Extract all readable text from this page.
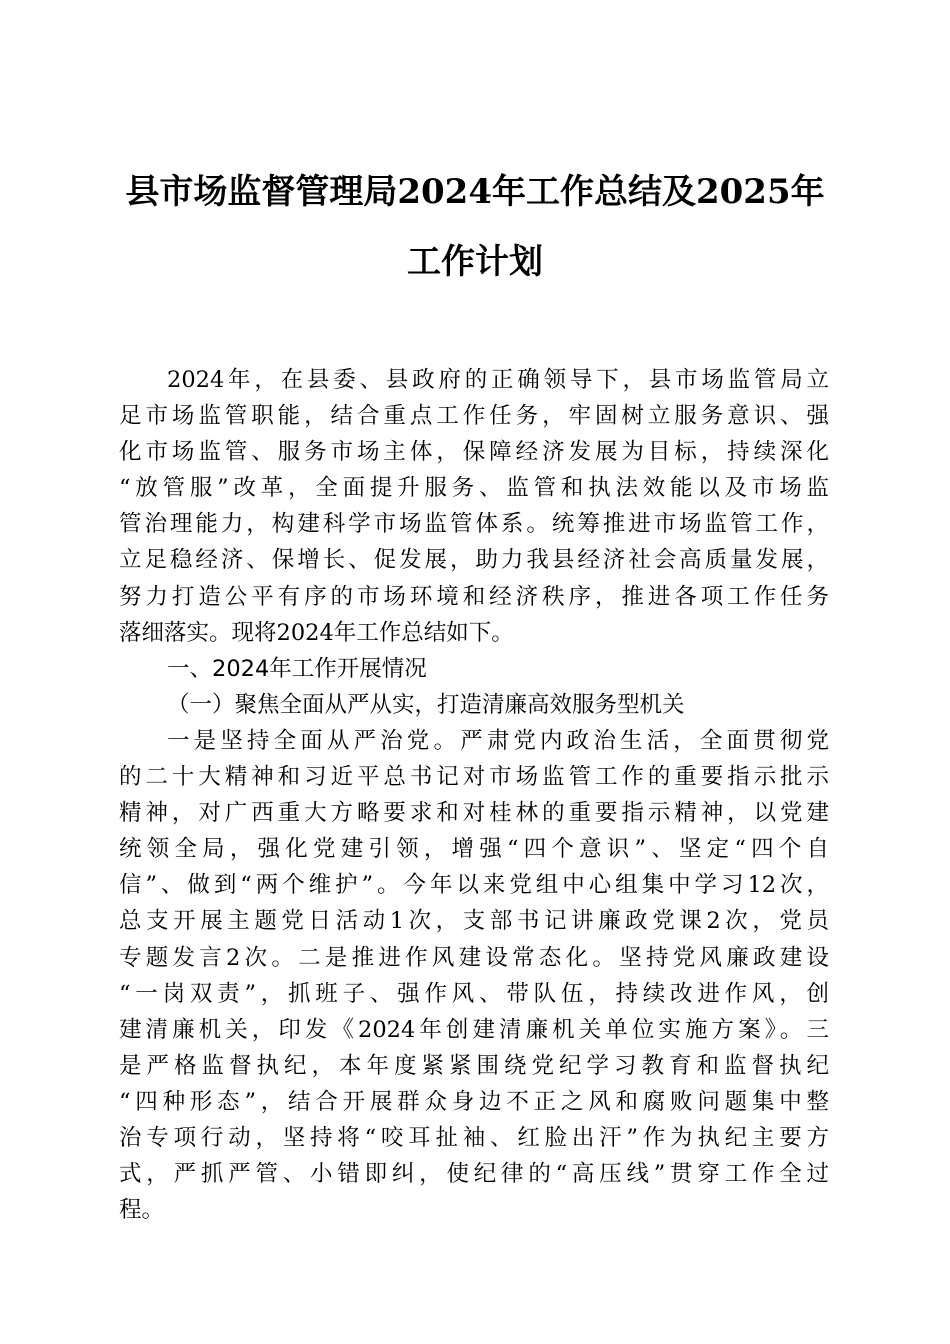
县市场监督管理局2024年工作总结及2025年
工作计划
2024年，在县委、县政府的正确领导下，县市场监管局立
足市场监管职能，结合重点工作任务，牢固树立服务意识、强
化市场监管、服务市场主体，保障经济发展为目标，持续深化
“放管服”改革，全面提升服务、监管和执法效能以及市场监
管治理能力，构建科学市场监管体系。统筹推进市场监管工作，
立足稳经济、保增长、促发展，助力我县经济社会高质量发展，
努力打造公平有序的市场环境和经济秩序，推进各项工作任务
落细落实。现将2024年工作总结如下。
一、2024年工作开展情况
（一）聚焦全面从严从实，打造清廉高效服务型机关
一是坚持全面从严治党。严肃党内政治生活，全面贯彻党
的二十大精神和习近平总书记对市场监管工作的重要指示批示
精神，对广西重大方略要求和对桂林的重要指示精神，以党建
统领全局，强化党建引领，增强“四个意识”、坚定“四个自
信”、做到“两个维护”。今年以来党组中心组集中学习12次，
总支开展主题党日活动1次，支部书记讲廉政党课2次，党员
专题发言2次。二是推进作风建设常态化。坚持党风廉政建设
“一岗双责”，抓班子、强作风、带队伍，持续改进作风，创
建清廉机关，印发《2024年创建清廉机关单位实施方案》。三
是严格监督执纪，本年度紧紧围绕党纪学习教育和监督执纪
“四种形态”，结合开展群众身边不正之风和腐败问题集中整
治专项行动，坚持将“咬耳扯袖、红脸出汗”作为执纪主要方
式，严抓严管、小错即纠，使纪律的“高压线”贯穿工作全过
程。
